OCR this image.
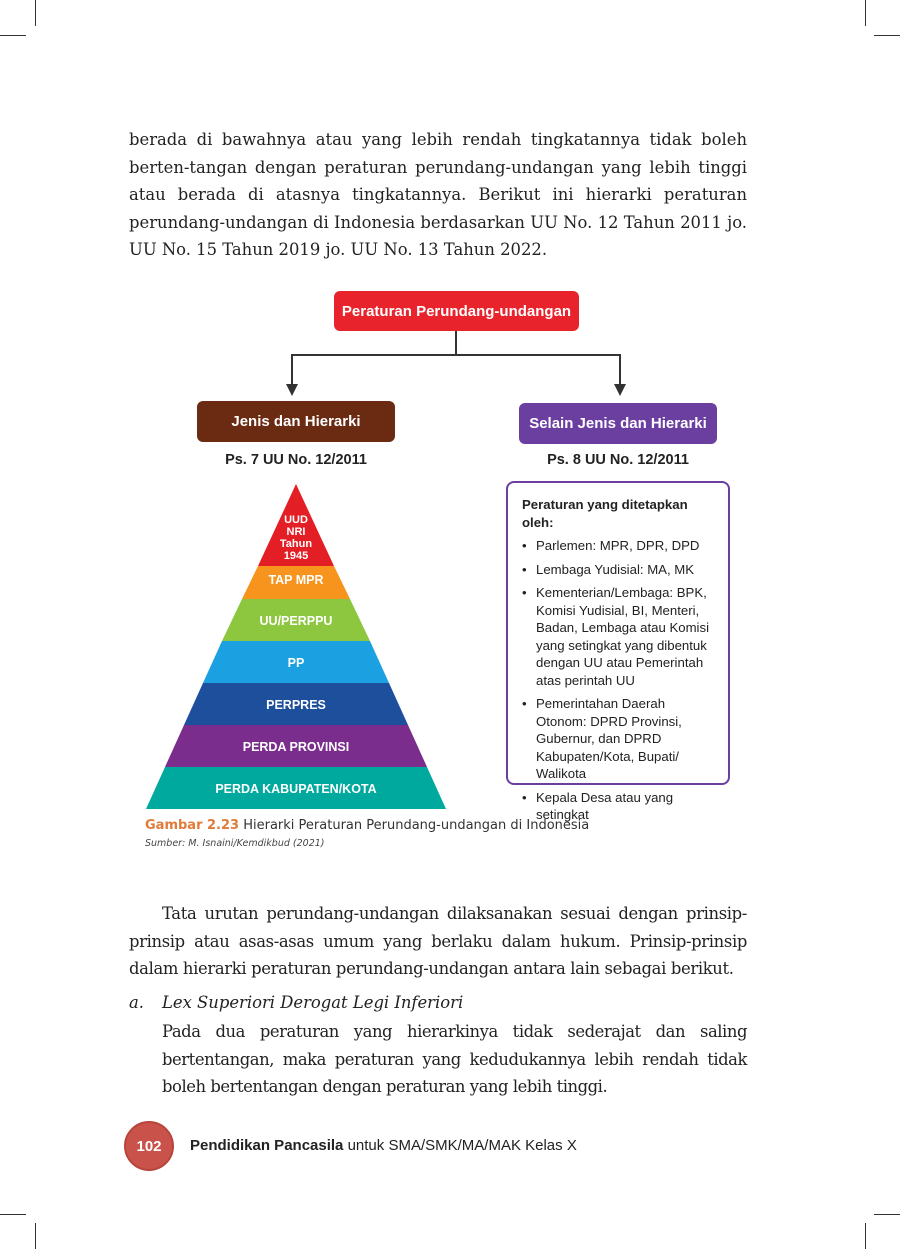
berada di bawahnya atau yang lebih rendah tingkatannya tidak boleh berten-tangan dengan peraturan perundang-undangan yang lebih tinggi atau berada di atasnya tingkatannya. Berikut ini hierarki peraturan perundang-undangan di Indonesia berdasarkan UU No. 12 Tahun 2011 jo. UU No. 15 Tahun 2019 jo. UU No. 13 Tahun 2022.
Peraturan Perundang-undangan
Jenis dan Hierarki	Selain Jenis dan Hierarki
Ps. 7 UU No. 12/2011	Ps. 8 UU No. 12/2011
UUD NRI Tahun 1945
TAP MPR
UU/PERPPU
PP
PERPRES
PERDA PROVINSI
PERDA KABUPATEN/KOTA
Peraturan yang ditetapkan oleh:
• Parlemen: MPR, DPR, DPD
• Lembaga Yudisial: MA, MK
• Kementerian/Lembaga: BPK, Komisi Yudisial, BI, Menteri, Badan, Lembaga atau Komisi yang setingkat yang dibentuk dengan UU atau Pemerintah atas perintah UU
• Pemerintahan Daerah Otonom: DPRD Provinsi, Gubernur, dan DPRD Kabupaten/Kota, Bupati/ Walikota
• Kepala Desa atau yang setingkat
Gambar 2.23 Hierarki Peraturan Perundang-undangan di Indonesia
Sumber: M. Isnaini/Kemdikbud (2021)
Tata urutan perundang-undangan dilaksanakan sesuai dengan prinsip-prinsip atau asas-asas umum yang berlaku dalam hukum. Prinsip-prinsip dalam hierarki peraturan perundang-undangan antara lain sebagai berikut.
a.	Lex Superiori Derogat Legi Inferiori
Pada dua peraturan yang hierarkinya tidak sederajat dan saling bertentangan, maka peraturan yang kedudukannya lebih rendah tidak boleh bertentangan dengan peraturan yang lebih tinggi.
102	Pendidikan Pancasila untuk SMA/SMK/MA/MAK Kelas X
